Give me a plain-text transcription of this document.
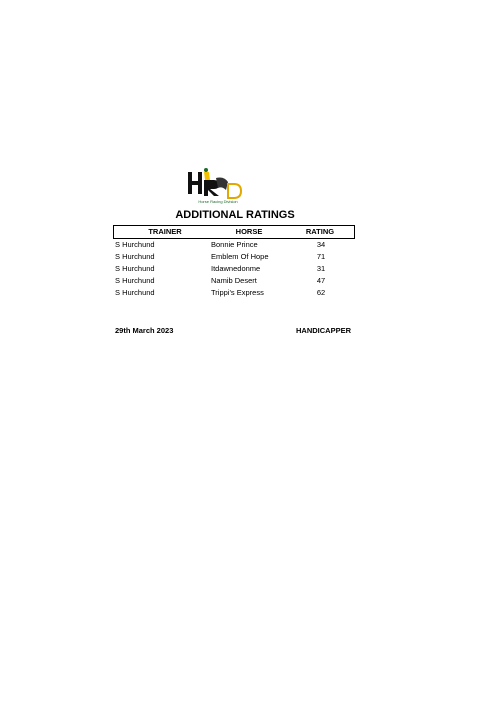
Horse Racing Division
ADDITIONAL RATINGS
TRAINER	HORSE	RATING
S Hurchund	Bonnie Prince	34
S Hurchund	Emblem Of Hope	71
S Hurchund	Itdawnedonme	31
S Hurchund	Namib Desert	47
S Hurchund	Trippi's Express	62
29th March 2023	HANDICAPPER
